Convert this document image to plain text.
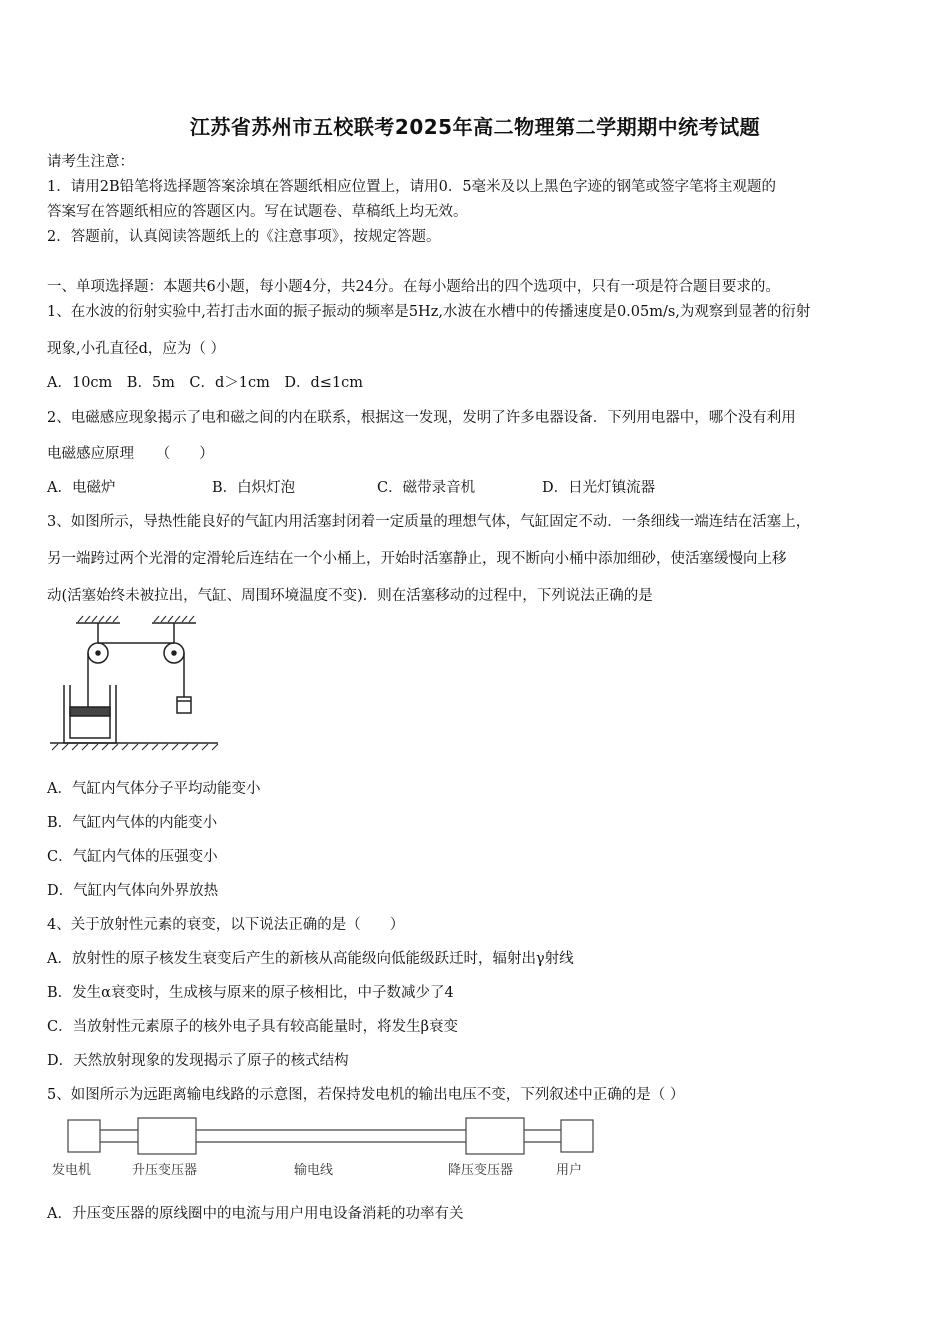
江苏省苏州市五校联考2025年高二物理第二学期期中统考试题
请考生注意：
1．请用2B铅笔将选择题答案涂填在答题纸相应位置上，请用0．5毫米及以上黑色字迹的钢笔或签字笔将主观题的
答案写在答题纸相应的答题区内。写在试题卷、草稿纸上均无效。
2．答题前，认真阅读答题纸上的《注意事项》，按规定答题。
一、单项选择题：本题共6小题，每小题4分，共24分。在每小题给出的四个选项中，只有一项是符合题目要求的。
1、在水波的衍射实验中,若打击水面的振子振动的频率是5Hz,水波在水槽中的传播速度是0.05m/s,为观察到显著的衍射
现象,小孔直径d，应为（ ）
A．10cm　B．5m　C．d＞1cm　D．d≤1cm
2、电磁感应现象揭示了电和磁之间的内在联系，根据这一发现，发明了许多电器设备．下列用电器中，哪个没有利用
电磁感应原理　　（　　）
A．电磁炉	B．白炽灯泡	C．磁带录音机	D．日光灯镇流器
3、如图所示，导热性能良好的气缸内用活塞封闭着一定质量的理想气体，气缸固定不动．一条细线一端连结在活塞上，
另一端跨过两个光滑的定滑轮后连结在一个小桶上，开始时活塞静止，现不断向小桶中添加细砂，使活塞缓慢向上移
动(活塞始终未被拉出，气缸、周围环境温度不变)．则在活塞移动的过程中，下列说法正确的是
A．气缸内气体分子平均动能变小
B．气缸内气体的内能变小
C．气缸内气体的压强变小
D．气缸内气体向外界放热
4、关于放射性元素的衰变，以下说法正确的是（　　）
A．放射性的原子核发生衰变后产生的新核从高能级向低能级跃迁时，辐射出γ射线
B．发生α衰变时，生成核与原来的原子核相比，中子数减少了4
C．当放射性元素原子的核外电子具有较高能量时，将发生β衰变
D．天然放射现象的发现揭示了原子的核式结构
5、如图所示为远距离输电线路的示意图，若保持发电机的输出电压不变，下列叙述中正确的是（ ）
发电机	升压变压器	输电线	降压变压器	用户
A．升压变压器的原线圈中的电流与用户用电设备消耗的功率有关
